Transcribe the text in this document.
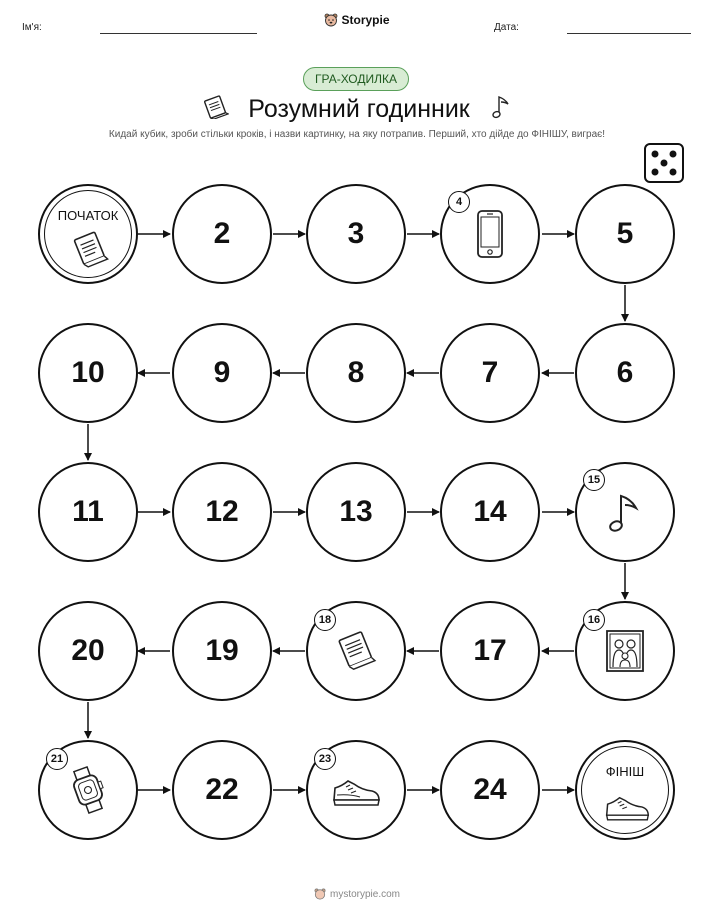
Ім'я:
Storypie
Дата:
ГРА-ХОДИЛКА
Розумний годинник
Кидай кубик, зроби стільки кроків, і назви картинку, на яку потрапив. Перший, хто дійде до ФІНІШУ, виграє!
ПОЧАТОК
2	3
4
5
10	9	8	7	6
11	12	13	14
15
20	19
18
17
16
21
22
23
24
ФІНІШ
mystorypie.com
